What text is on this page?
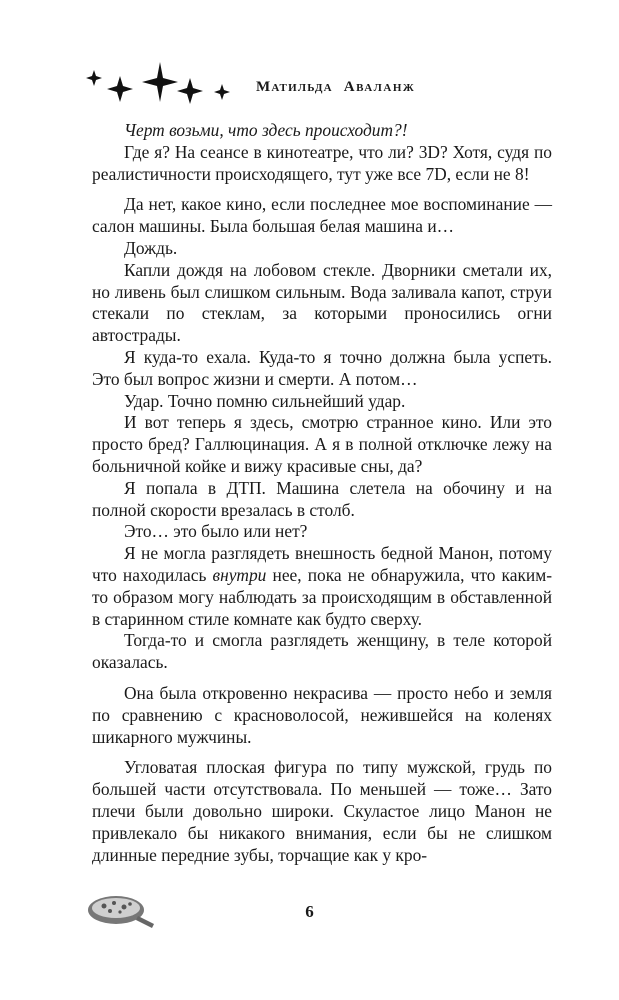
Матильда Аваланж

Черт возьми, что здесь происходит?!

Где я? На сеансе в кинотеатре, что ли? 3D? Хотя, судя по реалистичности происходящего, тут уже все 7D, если не 8!

Да нет, какое кино, если последнее мое воспоминание — салон машины. Была большая белая машина и…

Дождь.

Капли дождя на лобовом стекле. Дворники сметали их, но ливень был слишком сильным. Вода заливала капот, струи стекали по стеклам, за которыми проносились огни автострады.

Я куда-то ехала. Куда-то я точно должна была успеть. Это был вопрос жизни и смерти. А потом…

Удар. Точно помню сильнейший удар.

И вот теперь я здесь, смотрю странное кино. Или это просто бред? Галлюцинация. А я в полной отключке лежу на больничной койке и вижу красивые сны, да?

Я попала в ДТП. Машина слетела на обочину и на полной скорости врезалась в столб.

Это… это было или нет?

Я не могла разглядеть внешность бедной Манон, потому что находилась внутри нее, пока не обнаружила, что каким-то образом могу наблюдать за происходящим в обставленной в старинном стиле комнате как будто сверху.

Тогда-то и смогла разглядеть женщину, в теле которой оказалась.

Она была откровенно некрасива — просто небо и земля по сравнению с красноволосой, нежившейся на коленях шикарного мужчины.

Угловатая плоская фигура по типу мужской, грудь по большей части отсутствовала. По меньшей — тоже… Зато плечи были довольно широки. Скуластое лицо Манон не привлекало бы никакого внимания, если бы не слишком длинные передние зубы, торчащие как у кро-

6
